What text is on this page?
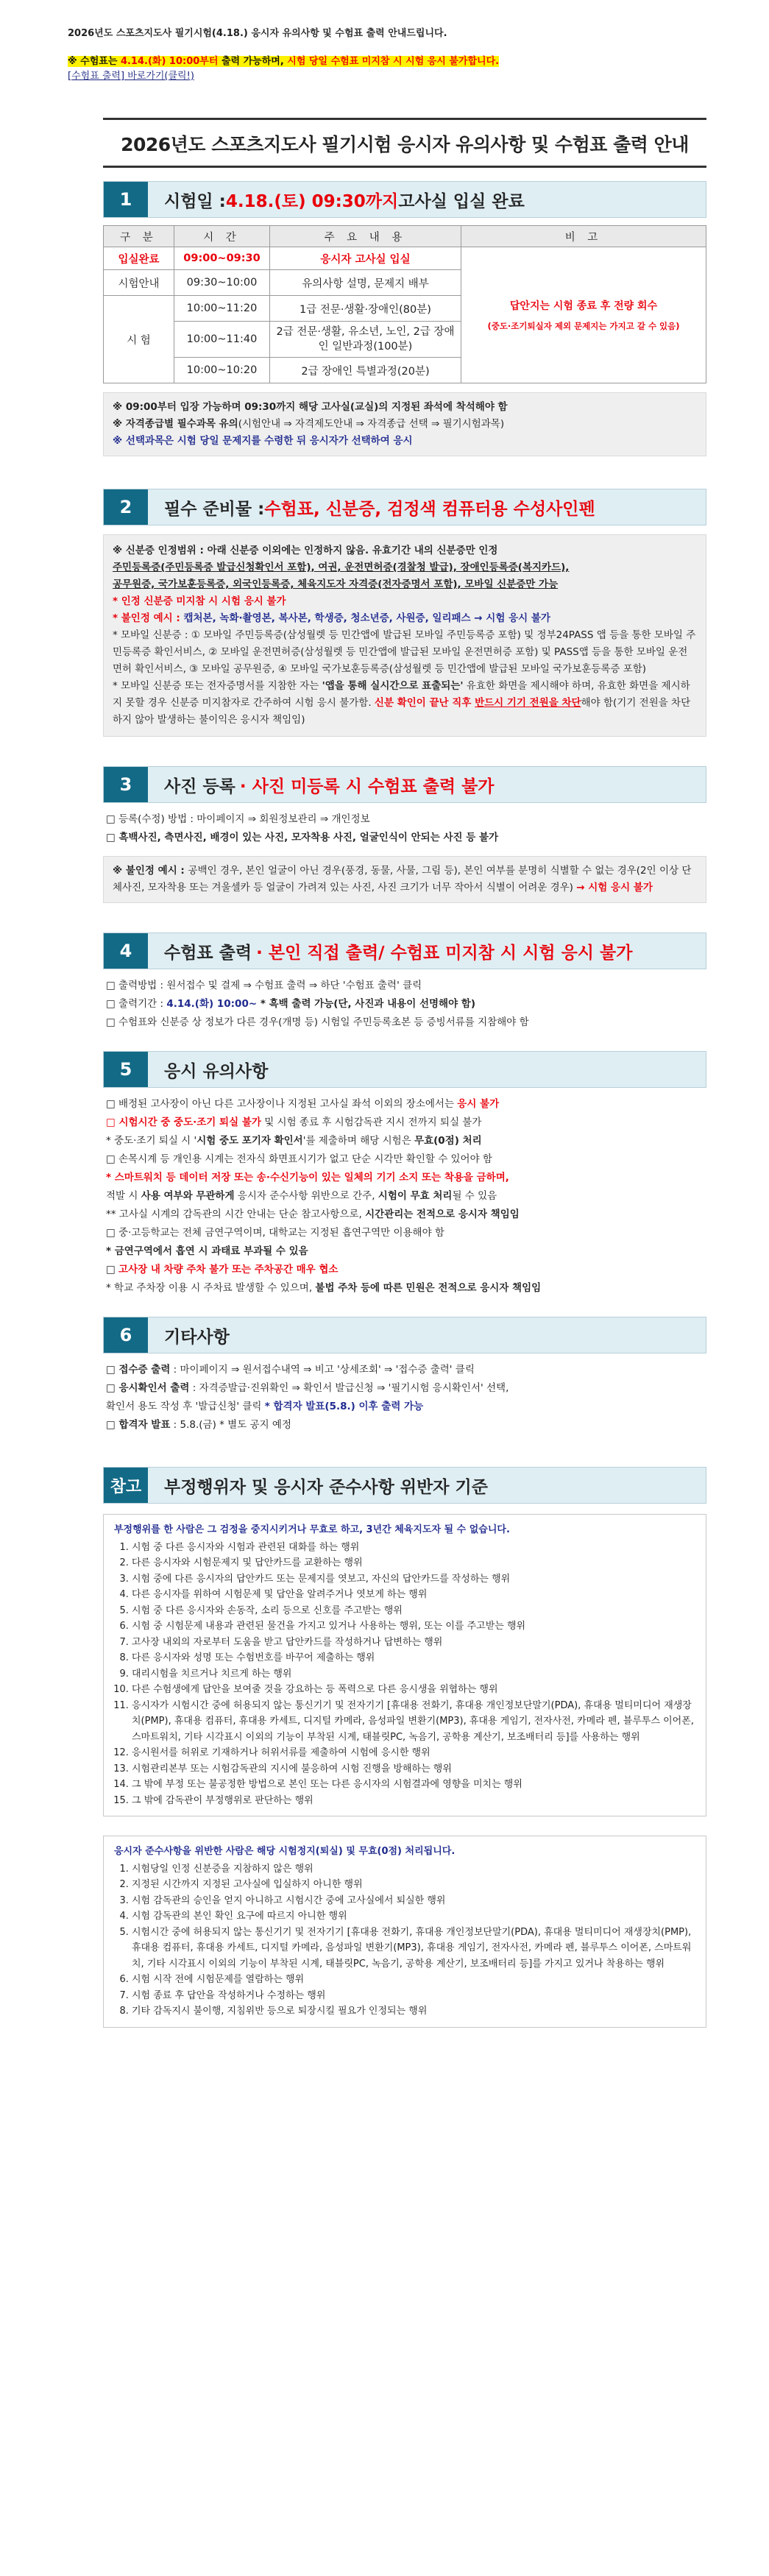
2026년도 스포츠지도사 필기시험(4.18.) 응시자 유의사항 및 수험표 출력 안내드립니다.
※ 수험표는 4.14.(화) 10:00부터 출력 가능하며, 시험 당일 수험표 미지참 시 시험 응시 불가합니다.
[수험표 출력] 바로가기(클릭!)
2026년도 스포츠지도사 필기시험 응시자 유의사항 및 수험표 출력 안내
1	시험일 : 4.18.(토) 09:30까지 고사실 입실 완료
구 분	시 간	주 요 내 용	비 고
입실완료	09:00~09:30	응시자 고사실 입실	답안지는 시험 종료 후 전량 회수
(중도·조기퇴실자 제외 문제지는 가지고 갈 수 있음)

시험안내	09:30~10:00	유의사항 설명, 문제지 배부	
시 험	10:00~11:20	1급 전문·생활·장애인(80분)	
	10:00~11:40	2급 전문·생활, 유소년, 노인, 2급 장애인 일반과정(100분)	
	10:00~10:20	2급 장애인 특별과정(20분)	
※ 09:00부터 입장 가능하며 09:30까지 해당 고사실(교실)의 지정된 좌석에 착석해야 함
※ 자격종급별 필수과목 유의(시험안내 ⇒ 자격제도안내 ⇒ 자격종급 선택 ⇒ 필기시험과목)
※ 선택과목은 시험 당일 문제지를 수령한 뒤 응시자가 선택하여 응시
2	필수 준비물 : 수험표, 신분증, 검정색 컴퓨터용 수성사인펜
※ 신분증 인정범위 : 아래 신분증 이외에는 인정하지 않음. 유효기간 내의 신분증만 인정
주민등록증(주민등록증 발급신청확인서 포함), 여권, 운전면허증(경찰청 발급), 장애인등록증(복지카드),
공무원증, 국가보훈등록증, 외국인등록증, 체육지도자 자격증(전자증명서 포함), 모바일 신분증만 가능
* 인정 신분증 미지참 시 시험 응시 불가
* 불인정 예시 : 캡처본, 녹화·촬영본, 복사본, 학생증, 청소년증, 사원증, 일리패스 → 시험 응시 불가
* 모바일 신분증 : ① 모바일 주민등록증(삼성월렛 등 민간앱에 발급된 모바일 주민등록증 포함) 및 정부24PASS 앱 등을 통한 모바일 주민등록증 확인서비스, ② 모바일 운전면허증(삼성월렛 등 민간앱에 발급된 모바일 운전면허증 포함) 및 PASS앱 등을 통한 모바일 운전면허 확인서비스, ③ 모바일 공무원증, ④ 모바일 국가보훈등록증(삼성월렛 등 민간앱에 발급된 모바일 국가보훈등록증 포함)
* 모바일 신분증 또는 전자증명서를 지참한 자는 '앱을 통해 실시간으로 표출되는' 유효한 화면을 제시해야 하며, 유효한 화면을 제시하지 못할 경우 신분증 미지참자로 간주하여 시험 응시 불가함. 신분 확인이 끝난 직후 반드시 기기 전원을 차단해야 함(기기 전원을 차단하지 않아 발생하는 불이익은 응시자 책임임)
3	사진 등록 · 사진 미등록 시 수험표 출력 불가
□ 등록(수정) 방법 : 마이페이지 ⇒ 회원정보관리 ⇒ 개인정보
□ 흑백사진, 측면사진, 배경이 있는 사진, 모자착용 사진, 얼굴인식이 안되는 사진 등 불가
※ 불인정 예시 : 공백인 경우, 본인 얼굴이 아닌 경우(풍경, 동물, 사물, 그림 등), 본인 여부를 분명히 식별할 수 없는 경우(2인 이상 단체사진, 모자착용 또는 겨울셀카 등 얼굴이 가려져 있는 사진, 사진 크기가 너무 작아서 식별이 어려운 경우) → 시험 응시 불가
4	수험표 출력 · 본인 직접 출력/ 수험표 미지참 시 시험 응시 불가
□ 출력방법 : 원서접수 및 결제 ⇒ 수험표 출력 ⇒ 하단 '수험표 출력' 클릭
□ 출력기간 : 4.14.(화) 10:00~ * 흑백 출력 가능(단, 사진과 내용이 선명해야 함)
□ 수험표와 신분증 상 정보가 다른 경우(개명 등) 시험일 주민등록초본 등 증빙서류를 지참해야 함
5	응시 유의사항
□ 배정된 고사장이 아닌 다른 고사장이나 지정된 고사실 좌석 이외의 장소에서는 응시 불가
□ 시험시간 중 중도·조기 퇴실 불가 및 시험 종료 후 시험감독관 지시 전까지 퇴실 불가
* 중도·조기 퇴실 시 '시험 중도 포기자 확인서'를 제출하며 해당 시험은 무효(0점) 처리
□ 손목시계 등 개인용 시계는 전자식 화면표시기가 없고 단순 시각만 확인할 수 있어야 함
* 스마트워치 등 데이터 저장 또는 송·수신기능이 있는 일체의 기기 소지 또는 착용을 금하며,
적발 시 사용 여부와 무관하게 응시자 준수사항 위반으로 간주, 시험이 무효 처리될 수 있음
** 고사실 시계의 감독관의 시간 안내는 단순 참고사항으로, 시간관리는 전적으로 응시자 책임임
□ 중·고등학교는 전체 금연구역이며, 대학교는 지정된 흡연구역만 이용해야 함
* 금연구역에서 흡연 시 과태료 부과될 수 있음
□ 고사장 내 차량 주차 불가 또는 주차공간 매우 협소
* 학교 주차장 이용 시 주차료 발생할 수 있으며, 불법 주차 등에 따른 민원은 전적으로 응시자 책임임
6	기타사항
□ 접수증 출력 : 마이페이지 ⇒ 원서접수내역 ⇒ 비고 '상세조회' ⇒ '접수증 출력' 클릭
□ 응시확인서 출력 : 자격증발급·진위확인 ⇒ 확인서 발급신청 ⇒ '필기시험 응시확인서' 선택,
확인서 용도 작성 후 '발급신청' 클릭 * 합격자 발표(5.8.) 이후 출력 가능
□ 합격자 발표 : 5.8.(금) * 별도 공지 예정
참고	부정행위자 및 응시자 준수사항 위반자 기준
부정행위를 한 사람은 그 검정을 중지시키거나 무효로 하고, 3년간 체육지도자 될 수 없습니다.
1. 시험 중 다른 응시자와 시험과 관련된 대화를 하는 행위
2. 다른 응시자와 시험문제지 및 답안카드를 교환하는 행위
3. 시험 중에 다른 응시자의 답안카드 또는 문제지를 엿보고, 자신의 답안카드를 작성하는 행위
4. 다른 응시자를 위하여 시험문제 및 답안을 알려주거나 엿보게 하는 행위
5. 시험 중 다른 응시자와 손동작, 소리 등으로 신호를 주고받는 행위
6. 시험 중 시험문제 내용과 관련된 물건을 가지고 있거나 사용하는 행위, 또는 이를 주고받는 행위
7. 고사장 내외의 자로부터 도움을 받고 답안카드를 작성하거나 답변하는 행위
8. 다른 응시자와 성명 또는 수험번호를 바꾸어 제출하는 행위
9. 대리시험을 치르거나 치르게 하는 행위
10. 다른 수험생에게 답안을 보여줄 것을 강요하는 등 폭력으로 다른 응시생을 위협하는 행위
11. 응시자가 시험시간 중에 허용되지 않는 통신기기 및 전자기기 [휴대용 전화기, 휴대용 개인정보단말기(PDA), 휴대용 멀티미디어 재생장치(PMP), 휴대용 컴퓨터, 휴대용 카세트, 디지털 카메라, 음성파일 변환기(MP3), 휴대용 게임기, 전자사전, 카메라 펜, 블루투스 이어폰, 스마트워치, 기타 시각표시 이외의 기능이 부착된 시계, 태블릿PC, 녹음기, 공학용 계산기, 보조배터리 등]를 사용하는 행위
12. 응시원서를 허위로 기재하거나 허위서류를 제출하여 시험에 응시한 행위
13. 시험관리본부 또는 시험감독관의 지시에 불응하여 시험 진행을 방해하는 행위
14. 그 밖에 부정 또는 불공정한 방법으로 본인 또는 다른 응시자의 시험결과에 영향을 미치는 행위
15. 그 밖에 감독관이 부정행위로 판단하는 행위
응시자 준수사항을 위반한 사람은 해당 시험정지(퇴실) 및 무효(0점) 처리됩니다.
1. 시험당일 인정 신분증을 지참하지 않은 행위
2. 지정된 시간까지 지정된 고사실에 입실하지 아니한 행위
3. 시험 감독관의 승인을 얻지 아니하고 시험시간 중에 고사실에서 퇴실한 행위
4. 시험 감독관의 본인 확인 요구에 따르지 아니한 행위
5. 시험시간 중에 허용되지 않는 통신기기 및 전자기기 [휴대용 전화기, 휴대용 개인정보단말기(PDA), 휴대용 멀티미디어 재생장치(PMP), 휴대용 컴퓨터, 휴대용 카세트, 디지털 카메라, 음성파일 변환기(MP3), 휴대용 게임기, 전자사전, 카메라 펜, 블루투스 이어폰, 스마트워치, 기타 시각표시 이외의 기능이 부착된 시계, 태블릿PC, 녹음기, 공학용 계산기, 보조배터리 등]를 가지고 있거나 착용하는 행위
6. 시험 시작 전에 시험문제를 열람하는 행위
7. 시험 종료 후 답안을 작성하거나 수정하는 행위
8. 기타 감독지시 불이행, 지침위반 등으로 퇴장시킬 필요가 인정되는 행위
